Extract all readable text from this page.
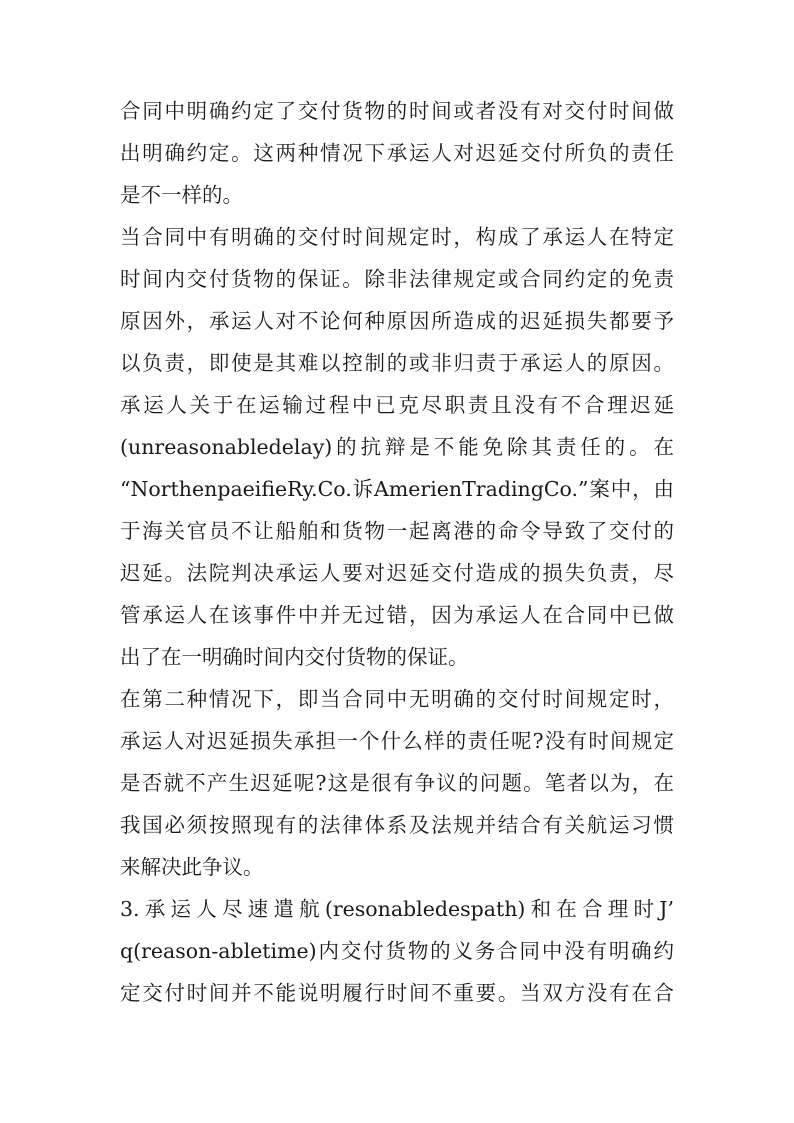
合同中明确约定了交付货物的时间或者没有对交付时间做
出明确约定。这两种情况下承运人对迟延交付所负的责任
是不一样的。
当合同中有明确的交付时间规定时，构成了承运人在特定
时间内交付货物的保证。除非法律规定或合同约定的免责
原因外，承运人对不论何种原因所造成的迟延损失都要予
以负责，即使是其难以控制的或非归责于承运人的原因。
承运人关于在运输过程中已克尽职责且没有不合理迟延
(unreasonabledelay)的抗辩是不能免除其责任的。在
“NorthenpaeifieRy.Co.诉AmerienTradingCo.”案中，由
于海关官员不让船舶和货物一起离港的命令导致了交付的
迟延。法院判决承运人要对迟延交付造成的损失负责，尽
管承运人在该事件中并无过错，因为承运人在合同中已做
出了在一明确时间内交付货物的保证。
在第二种情况下，即当合同中无明确的交付时间规定时，
承运人对迟延损失承担一个什么样的责任呢?没有时间规定
是否就不产生迟延呢?这是很有争议的问题。笔者以为，在
我国必须按照现有的法律体系及法规并结合有关航运习惯
来解决此争议。
3.承运人尽速遣航(resonabledespath)和在合理时J’
q(reason-abletime)内交付货物的义务合同中没有明确约
定交付时间并不能说明履行时间不重要。当双方没有在合
